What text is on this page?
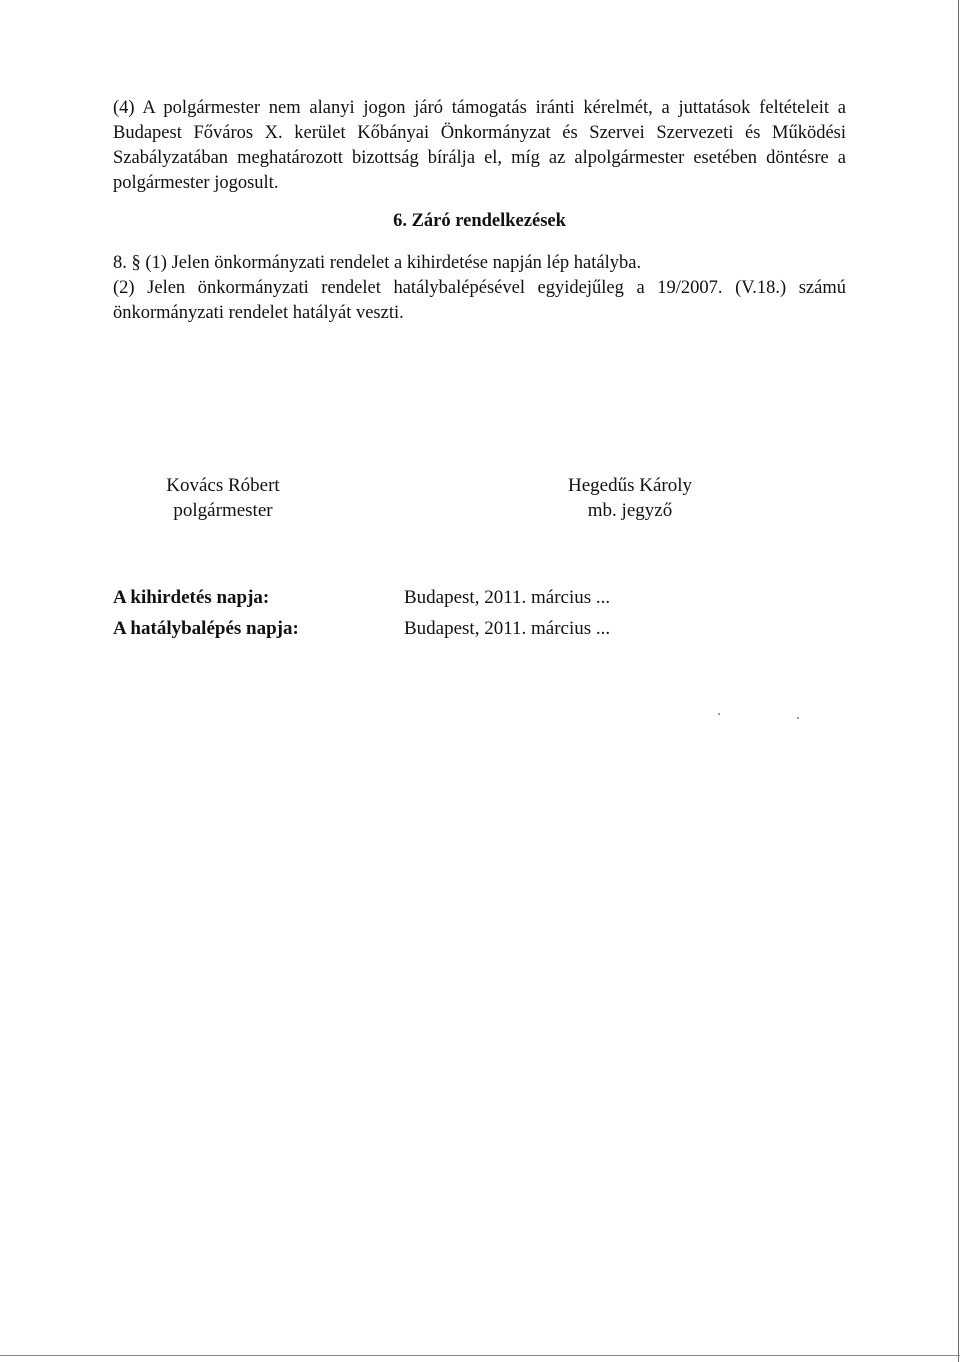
(4) A polgármester nem alanyi jogon járó támogatás iránti kérelmét, a juttatások feltételeit a
Budapest Főváros X. kerület Kőbányai Önkormányzat és Szervei Szervezeti és Működési
Szabályzatában meghatározott bizottság bírálja el, míg az alpolgármester esetében döntésre a
polgármester jogosult.
6. Záró rendelkezések
8. § (1) Jelen önkormányzati rendelet a kihirdetése napján lép hatályba.
(2) Jelen önkormányzati rendelet hatálybalépésével egyidejűleg a 19/2007. (V.18.) számú
önkormányzati rendelet hatályát veszti.
Kovács Róbert
polgármester
Hegedűs Károly
mb. jegyző
A kihirdetés napja:	Budapest, 2011. március ...
A hatálybalépés napja:	Budapest, 2011. március ...
